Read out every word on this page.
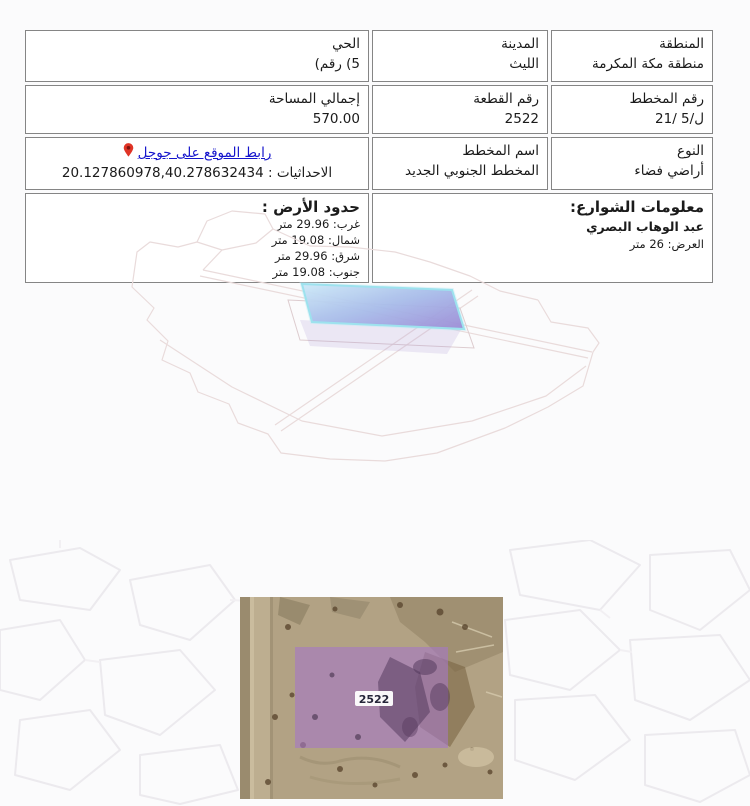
المنطقة
منطقة مكة المكرمة
المدينة
الليث
الحي
(رقم (5
رقم المخطط
21/ 5/ل
رقم القطعة
2522
إجمالي المساحة
570.00
النوع
أراضي فضاء
اسم المخطط
المخطط الجنوبي الجديد
رابط الموقع على جوجل
الاحداثيات : 20.127860978,40.278632434
معلومات الشوارع:
عبد الوهاب البصري
العرض: 26 متر
حدود الأرض :
غرب: 29.96 متر
شمال: 19.08 متر
شرق: 29.96 متر
جنوب: 19.08 متر
2522
